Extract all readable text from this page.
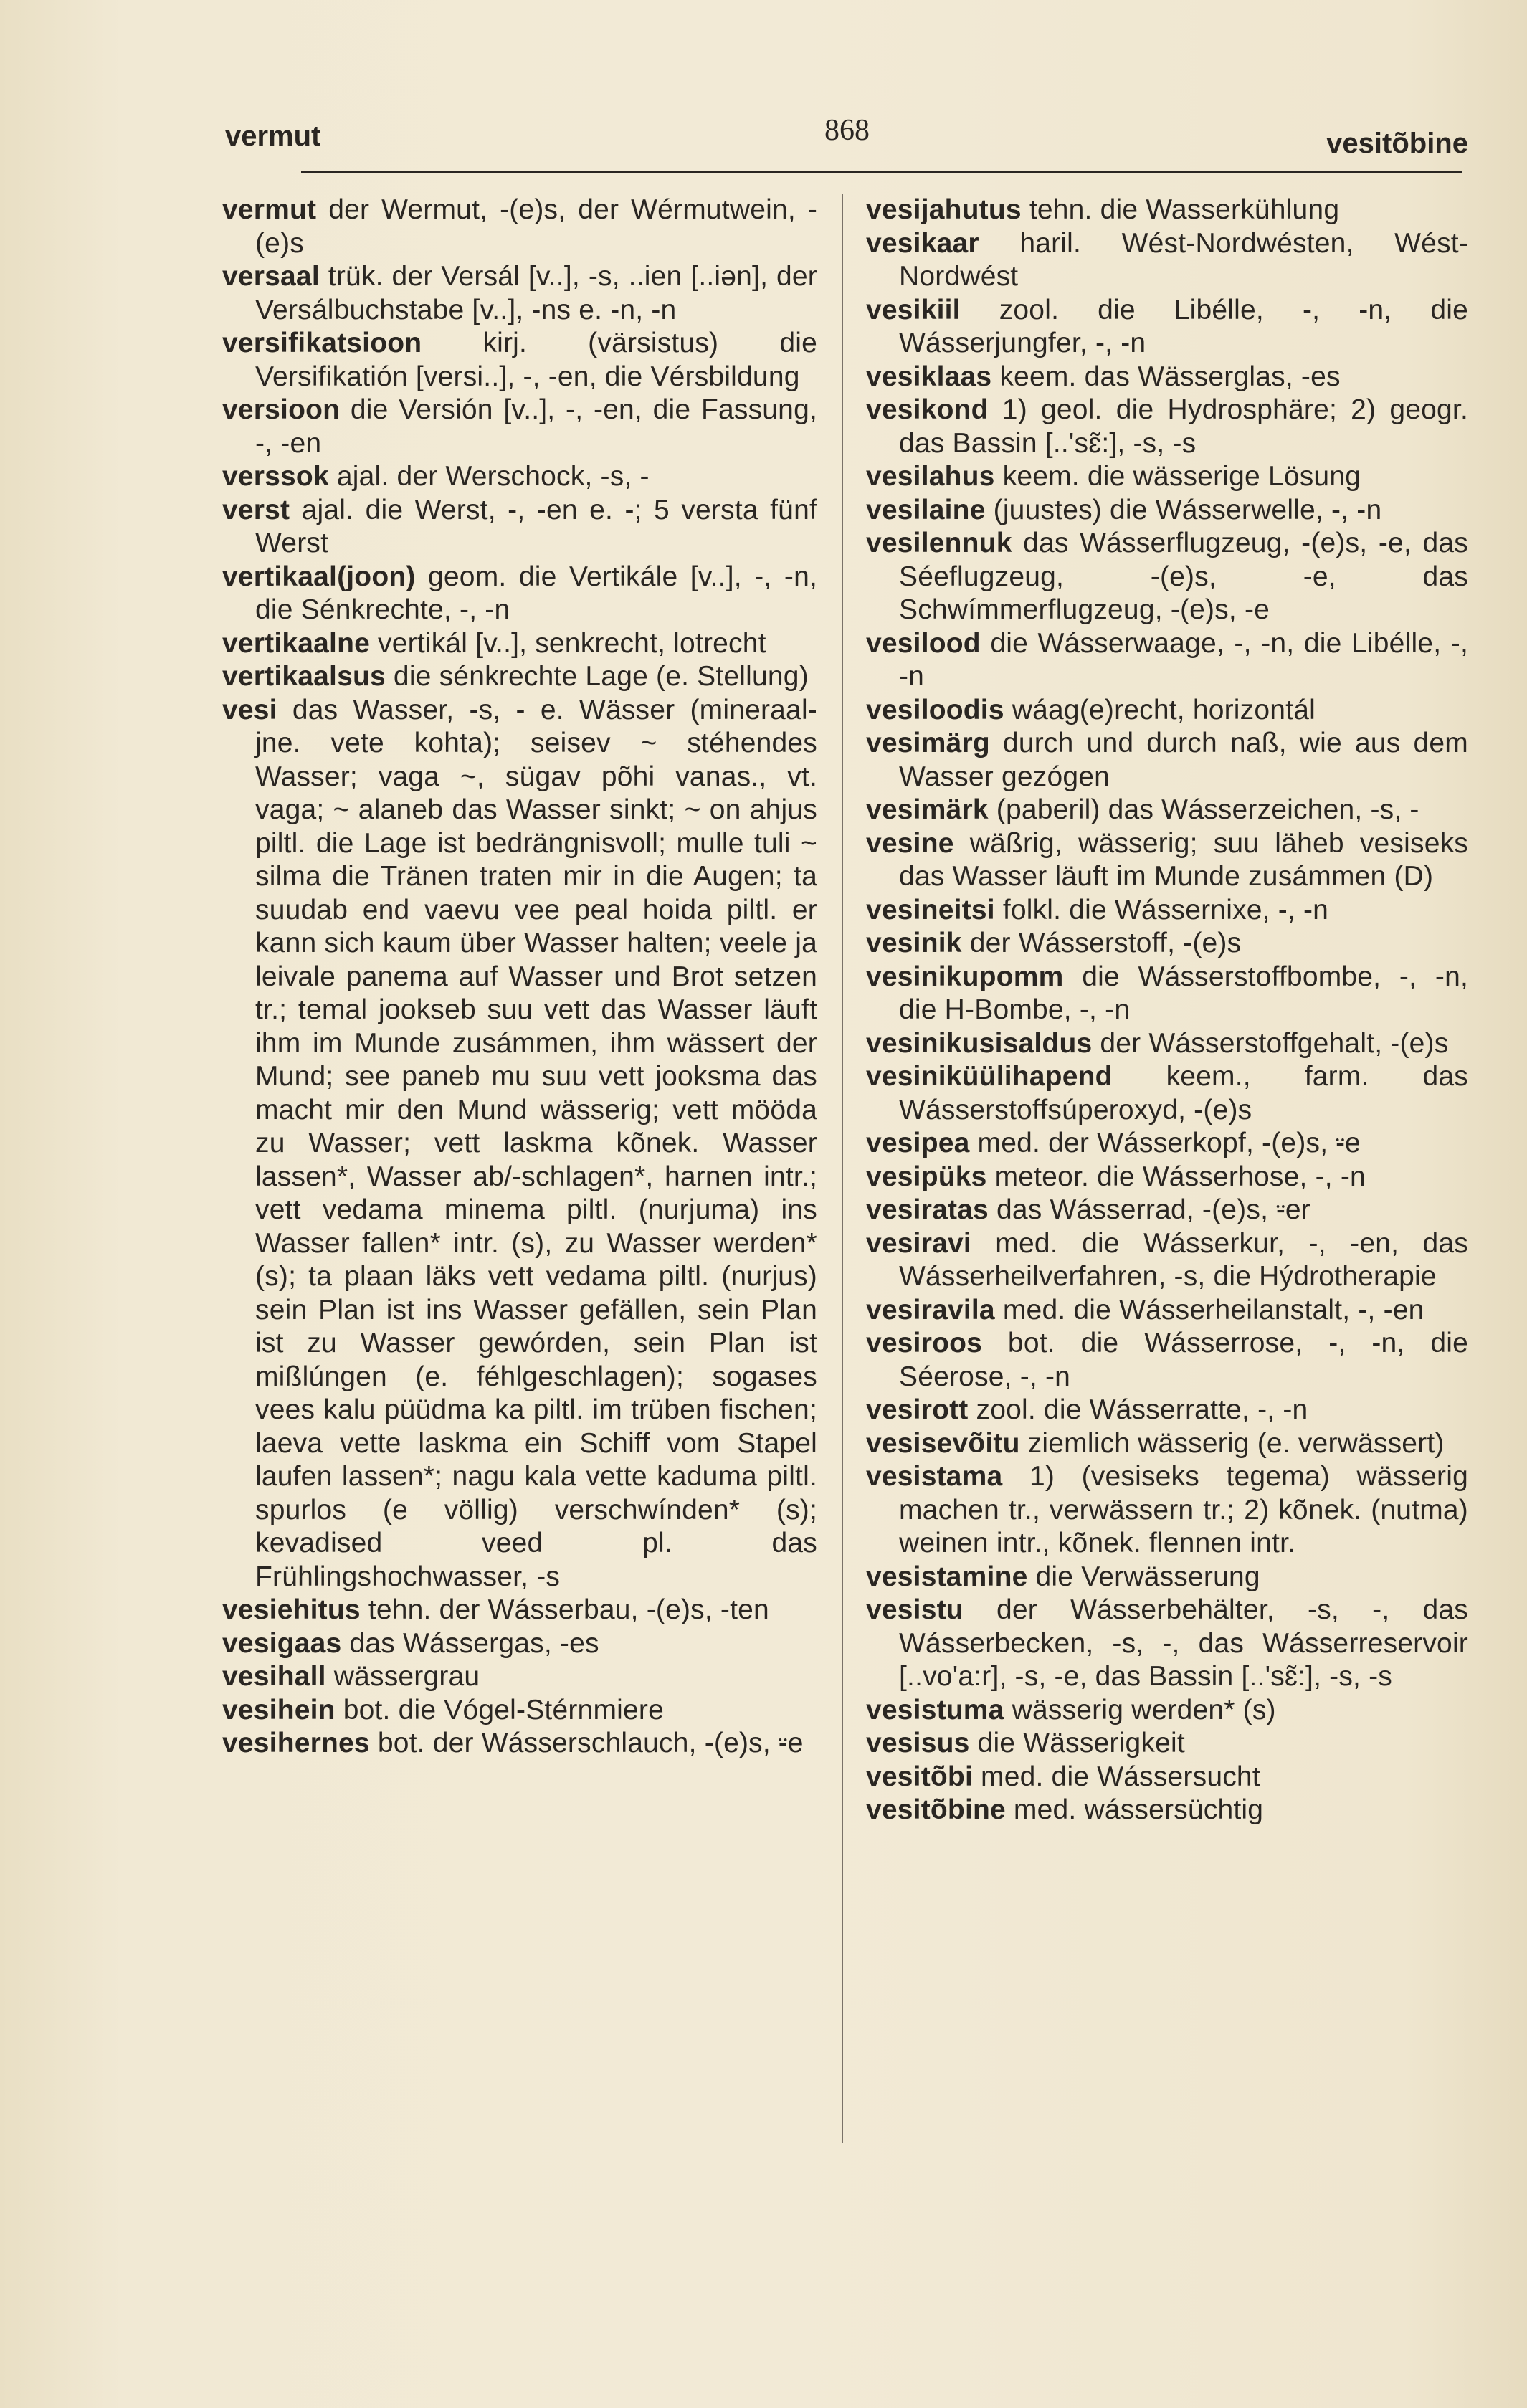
vermut	868	vesitõbine

vermut der Wermut, -(e)s, der Wérmutwein, -(e)s

versaal trük. der Versál [v..], -s, ..ien [..iən], der Versálbuchstabe [v..], -ns e. -n, -n

versifikatsioon kirj. (värsistus) die Versifikatión [versi..], -, -en, die Vérsbildung

versioon die Versión [v..], -, -en, die Fassung, -, -en

verssok ajal. der Werschock, -s, -

verst ajal. die Werst, -, -en e. -; 5 versta fünf Werst

vertikaal(joon) geom. die Vertikále [v..], -, -n, die Sénkrechte, -, -n

vertikaalne vertikál [v..], senkrecht, lotrecht

vertikaalsus die sénkrechte Lage (e. Stellung)

vesi das Wasser, -s, - e. Wässer (mineraal- jne. vete kohta); seisev ~ stéhendes Wasser; vaga ~, sügav põhi vanas., vt. vaga; ~ alaneb das Wasser sinkt; ~ on ahjus piltl. die Lage ist bedrängnisvoll; mulle tuli ~ silma die Tränen traten mir in die Augen; ta suudab end vaevu vee peal hoida piltl. er kann sich kaum über Wasser halten; veele ja leivale panema auf Wasser und Brot setzen tr.; temal jookseb suu vett das Wasser läuft ihm im Munde zusámmen, ihm wässert der Mund; see paneb mu suu vett jooksma das macht mir den Mund wässerig; vett mööda zu Wasser; vett laskma kõnek. Wasser lassen*, Wasser ab/-schlagen*, harnen intr.; vett vedama minema piltl. (nurjuma) ins Wasser fallen* intr. (s), zu Wasser werden* (s); ta plaan läks vett vedama piltl. (nurjus) sein Plan ist ins Wasser gefällen, sein Plan ist zu Wasser gewórden, sein Plan ist mißlúngen (e. féhlgeschlagen); sogases vees kalu püüdma ka piltl. im trüben fischen; laeva vette laskma ein Schiff vom Stapel laufen lassen*; nagu kala vette kaduma piltl. spurlos (e völlig) verschwínden* (s); kevadised veed pl. das Frühlingshochwasser, -s

vesiehitus tehn. der Wásserbau, -(e)s, -ten

vesigaas das Wássergas, -es

vesihall wässergrau

vesihein bot. die Vógel-Stérnmiere

vesihernes bot. der Wásserschlauch, -(e)s, ⸚e

vesijahutus tehn. die Wasserkühlung

vesikaar haril. Wést-Nordwésten, Wést-Nordwést

vesikiil zool. die Libélle, -, -n, die Wásserjungfer, -, -n

vesiklaas keem. das Wässerglas, -es

vesikond 1) geol. die Hydrosphäre; 2) geogr. das Bassin [..'sɛ̃:], -s, -s

vesilahus keem. die wässerige Lösung

vesilaine (juustes) die Wásserwelle, -, -n

vesilennuk das Wásserflugzeug, -(e)s, -e, das Séeflugzeug, -(e)s, -e, das Schwímmerflugzeug, -(e)s, -e

vesilood die Wásserwaage, -, -n, die Libélle, -, -n

vesiloodis wáag(e)recht, horizontál

vesimärg durch und durch naß, wie aus dem Wasser gezógen

vesimärk (paberil) das Wásserzeichen, -s, -

vesine wäßrig, wässerig; suu läheb vesiseks das Wasser läuft im Munde zusámmen (D)

vesineitsi folkl. die Wássernixe, -, -n

vesinik der Wásserstoff, -(e)s

vesinikupomm die Wásserstoffbombe, -, -n, die H-Bombe, -, -n

vesinikusisaldus der Wásserstoffgehalt, -(e)s

vesiniküülihapend keem., farm. das Wásserstoffsúperoxyd, -(e)s

vesipea med. der Wásserkopf, -(e)s, ⸚e

vesipüks meteor. die Wásserhose, -, -n

vesiratas das Wásserrad, -(e)s, ⸚er

vesiravi med. die Wásserkur, -, -en, das Wásserheilverfahren, -s, die Hýdrotherapie

vesiravila med. die Wásserheilanstalt, -, -en

vesiroos bot. die Wásserrose, -, -n, die Séerose, -, -n

vesirott zool. die Wásserratte, -, -n

vesisevõitu ziemlich wässerig (e. verwässert)

vesistama 1) (vesiseks tegema) wässerig machen tr., verwässern tr.; 2) kõnek. (nutma) weinen intr., kõnek. flennen intr.

vesistamine die Verwässerung

vesistu der Wásserbehälter, -s, -, das Wásserbecken, -s, -, das Wásserreservoir [..vo'a:r], -s, -e, das Bassin [..'sɛ̃:], -s, -s

vesistuma wässerig werden* (s)

vesisus die Wässerigkeit

vesitõbi med. die Wássersucht

vesitõbine med. wássersüchtig
